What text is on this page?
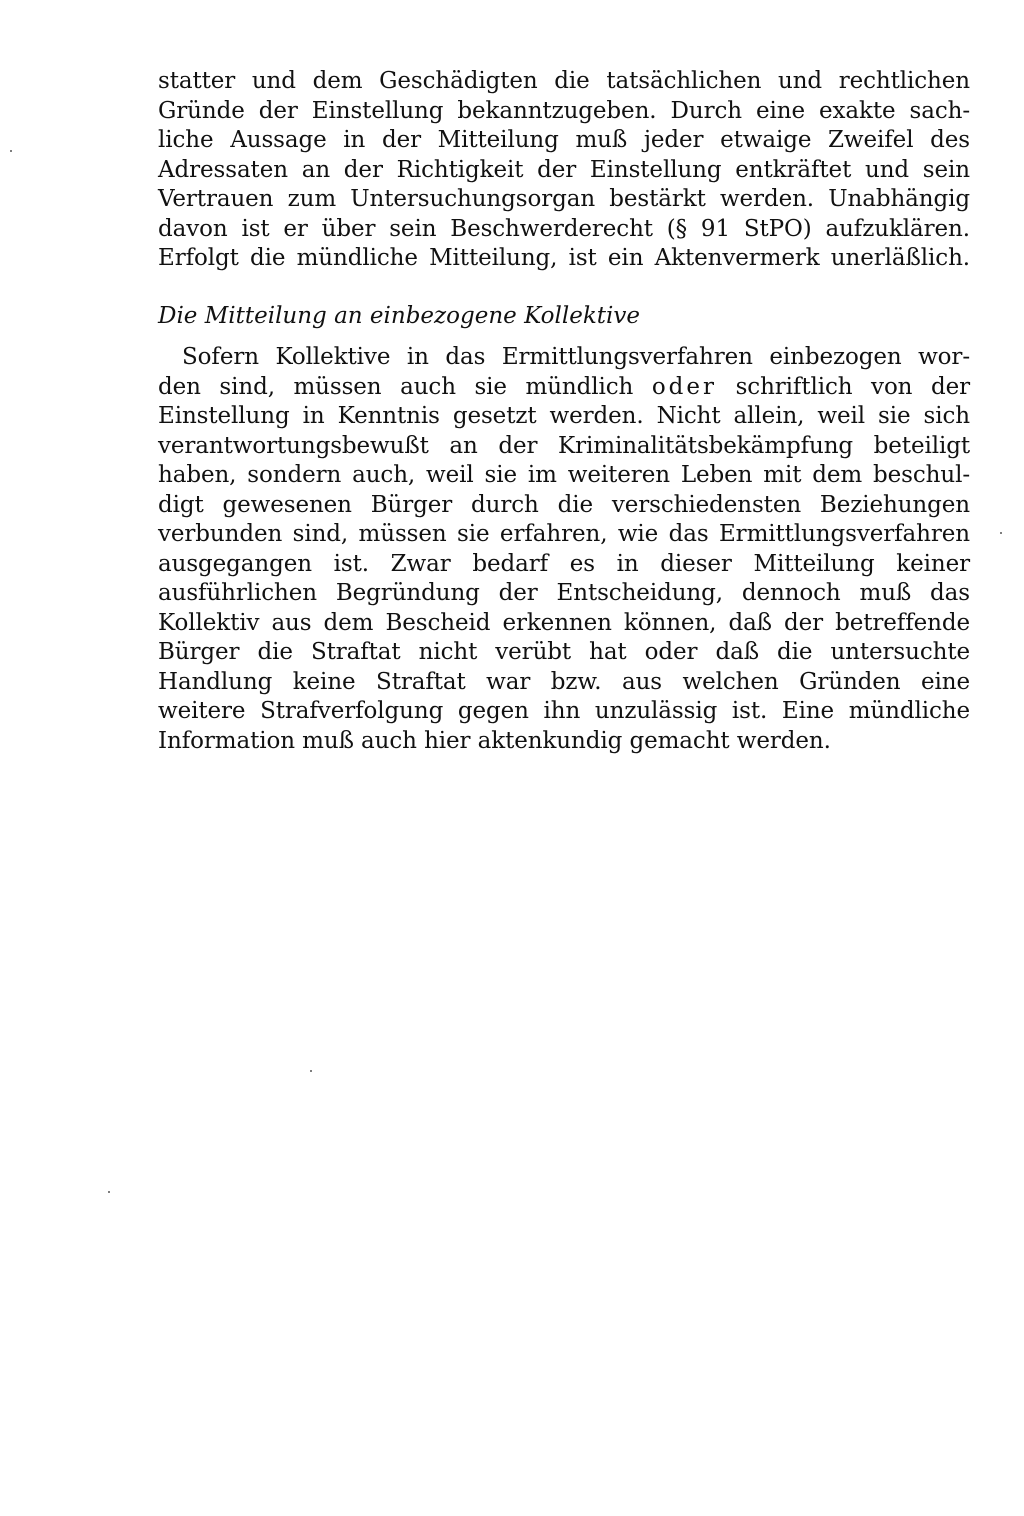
statter und dem Geschädigten die tatsächlichen und rechtlichen
Gründe der Einstellung bekanntzugeben. Durch eine exakte sach-
liche Aussage in der Mitteilung muß jeder etwaige Zweifel des
Adressaten an der Richtigkeit der Einstellung entkräftet und sein
Vertrauen zum Untersuchungsorgan bestärkt werden. Unabhängig
davon ist er über sein Beschwerderecht (§ 91 StPO) aufzuklären.
Erfolgt die mündliche Mitteilung, ist ein Aktenvermerk unerläßlich.
Die Mitteilung an einbezogene Kollektive
Sofern Kollektive in das Ermittlungsverfahren einbezogen wor-
den sind, müssen auch sie mündlich oder schriftlich von der
Einstellung in Kenntnis gesetzt werden. Nicht allein, weil sie sich
verantwortungsbewußt an der Kriminalitätsbekämpfung beteiligt
haben, sondern auch, weil sie im weiteren Leben mit dem beschul-
digt gewesenen Bürger durch die verschiedensten Beziehungen
verbunden sind, müssen sie erfahren, wie das Ermittlungsverfahren
ausgegangen ist. Zwar bedarf es in dieser Mitteilung keiner
ausführlichen Begründung der Entscheidung, dennoch muß das
Kollektiv aus dem Bescheid erkennen können, daß der betreffende
Bürger die Straftat nicht verübt hat oder daß die untersuchte
Handlung keine Straftat war bzw. aus welchen Gründen eine
weitere Strafverfolgung gegen ihn unzulässig ist. Eine mündliche
Information muß auch hier aktenkundig gemacht werden.
